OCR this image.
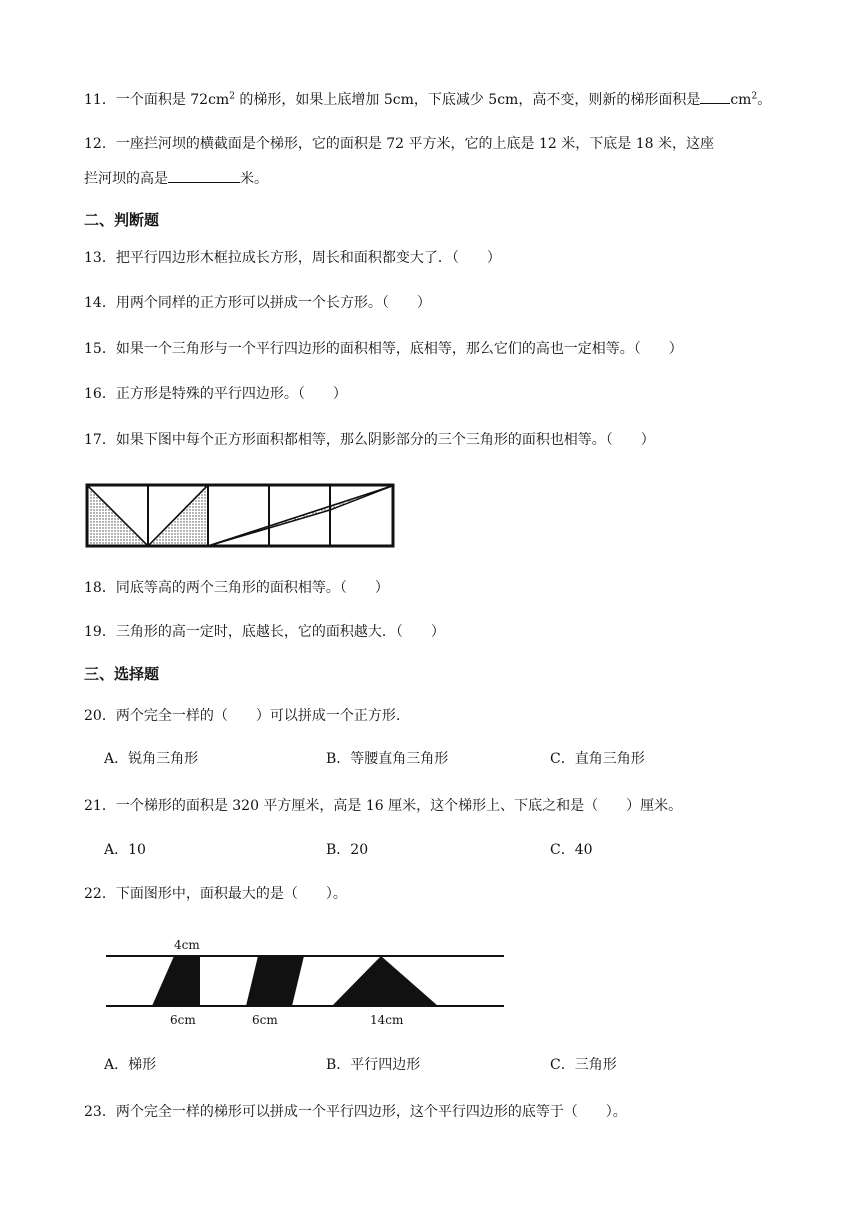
11．一个面积是 $72cm^2$ 的梯形，如果上底增加 5cm，下底减少 5cm，高不变，则新的梯形面积是 $cm^2$。
12．一座拦河坝的横截面是个梯形，它的面积是 72 平方米，它的上底是 12 米，下底是 18 米，这座
拦河坝的高是	米。
二、判断题
13．把平行四边形木框拉成长方形，周长和面积都变大了．（　　）
14．用两个同样的正方形可以拼成一个长方形。（　　）
15．如果一个三角形与一个平行四边形的面积相等，底相等，那么它们的高也一定相等。（　　）
16．正方形是特殊的平行四边形。（　　）
17．如果下图中每个正方形面积都相等，那么阴影部分的三个三角形的面积也相等。（　　）
18．同底等高的两个三角形的面积相等。（　　）
19．三角形的高一定时，底越长，它的面积越大．（　　）
三、选择题
20．两个完全一样的（　　）可以拼成一个正方形.
A．锐角三角形	B．等腰直角三角形	C．直角三角形
21．一个梯形的面积是 320 平方厘米，高是 16 厘米，这个梯形上、下底之和是（　　）厘米。
A．10	B．20	C．40
22．下面图形中，面积最大的是（　　）。
4cm
6cm	6cm	14cm
A．梯形	B．平行四边形	C．三角形
23．两个完全一样的梯形可以拼成一个平行四边形，这个平行四边形的底等于（　　）。
